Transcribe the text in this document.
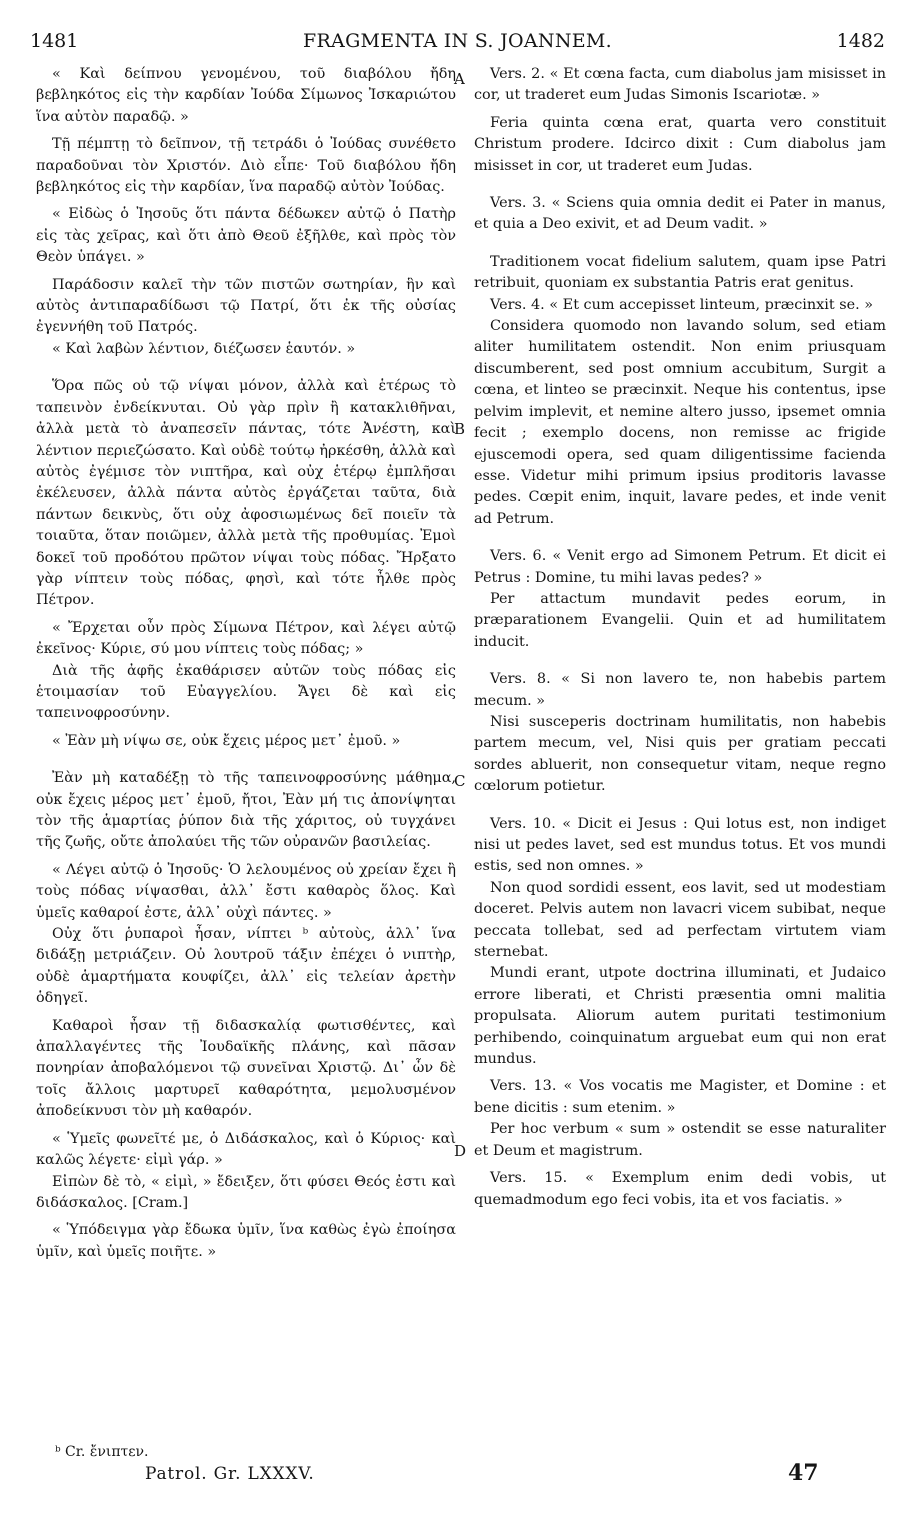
1481	FRAGMENTA IN S. JOANNEM.	1482
A
B
C
D

« Καὶ δείπνου γενομένου, τοῦ διαβόλου ἤδη βεβληκότος εἰς τὴν καρδίαν Ἰούδα Σίμωνος Ἰσκαριώτου ἵνα αὐτὸν παραδῷ. »

Τῇ πέμπτῃ τὸ δεῖπνον, τῇ τετράδι ὁ Ἰούδας συνέθετο παραδοῦναι τὸν Χριστόν. Διὸ εἶπε· Τοῦ διαβόλου ἤδη βεβληκότος εἰς τὴν καρδίαν, ἵνα παραδῷ αὐτὸν Ἰούδας.

« Εἰδὼς ὁ Ἰησοῦς ὅτι πάντα δέδωκεν αὐτῷ ὁ Πατὴρ εἰς τὰς χεῖρας, καὶ ὅτι ἀπὸ Θεοῦ ἐξῆλθε, καὶ πρὸς τὸν Θεὸν ὑπάγει. »

Παράδοσιν καλεῖ τὴν τῶν πιστῶν σωτηρίαν, ἣν καὶ αὐτὸς ἀντιπαραδίδωσι τῷ Πατρί, ὅτι ἐκ τῆς οὐσίας ἐγεννήθη τοῦ Πατρός.

« Καὶ λαβὼν λέντιον, διέζωσεν ἑαυτόν. »

Ὅρα πῶς οὐ τῷ νίψαι μόνον, ἀλλὰ καὶ ἑτέρως τὸ ταπεινὸν ἐνδείκνυται. Οὐ γὰρ πρὶν ἢ κατακλιθῆναι, ἀλλὰ μετὰ τὸ ἀναπεσεῖν πάντας, τότε Ἀνέστη, καὶ λέντιον περιεζώσατο. Καὶ οὐδὲ τούτῳ ἠρκέσθη, ἀλλὰ καὶ αὐτὸς ἐγέμισε τὸν νιπτῆρα, καὶ οὐχ ἑτέρῳ ἐμπλῆσαι ἐκέλευσεν, ἀλλὰ πάντα αὐτὸς ἐργάζεται ταῦτα, διὰ πάντων δεικνὺς, ὅτι οὐχ ἀφοσιωμένως δεῖ ποιεῖν τὰ τοιαῦτα, ὅταν ποιῶμεν, ἀλλὰ μετὰ τῆς προθυμίας. Ἐμοὶ δοκεῖ τοῦ προδότου πρῶτον νίψαι τοὺς πόδας. Ἤρξατο γὰρ νίπτειν τοὺς πόδας, φησὶ, καὶ τότε ἦλθε πρὸς Πέτρον.

« Ἔρχεται οὖν πρὸς Σίμωνα Πέτρον, καὶ λέγει αὐτῷ ἐκεῖνος· Κύριε, σύ μου νίπτεις τοὺς πόδας; »

Διὰ τῆς ἀφῆς ἐκαθάρισεν αὐτῶν τοὺς πόδας εἰς ἑτοιμασίαν τοῦ Εὐαγγελίου. Ἄγει δὲ καὶ εἰς ταπεινοφροσύνην.

« Ἐὰν μὴ νίψω σε, οὐκ ἔχεις μέρος μετ᾽ ἐμοῦ. »

Ἐὰν μὴ καταδέξῃ τὸ τῆς ταπεινοφροσύνης μάθημα, οὐκ ἔχεις μέρος μετ᾽ ἐμοῦ, ἤτοι, Ἐὰν μή τις ἀπονίψηται τὸν τῆς ἁμαρτίας ῥύπον διὰ τῆς χάριτος, οὐ τυγχάνει τῆς ζωῆς, οὔτε ἀπολαύει τῆς τῶν οὐρανῶν βασιλείας.

« Λέγει αὐτῷ ὁ Ἰησοῦς· Ὁ λελουμένος οὐ χρείαν ἔχει ἢ τοὺς πόδας νίψασθαι, ἀλλ᾽ ἔστι καθαρὸς ὅλος. Καὶ ὑμεῖς καθαροί ἐστε, ἀλλ᾽ οὐχὶ πάντες. »

Οὐχ ὅτι ῥυπαροὶ ἦσαν, νίπτει ᵇ αὐτοὺς, ἀλλ᾽ ἵνα διδάξῃ μετριάζειν. Οὐ λουτροῦ τάξιν ἐπέχει ὁ νιπτὴρ, οὐδὲ ἁμαρτήματα κουφίζει, ἀλλ᾽ εἰς τελείαν ἀρετὴν ὁδηγεῖ.

Καθαροὶ ἦσαν τῇ διδασκαλίᾳ φωτισθέντες, καὶ ἀπαλλαγέντες τῆς Ἰουδαϊκῆς πλάνης, καὶ πᾶσαν πονηρίαν ἀποβαλόμενοι τῷ συνεῖναι Χριστῷ. Δι᾽ ὧν δὲ τοῖς ἄλλοις μαρτυρεῖ καθαρότητα, μεμολυσμένον ἀποδείκνυσι τὸν μὴ καθαρόν.

« Ὑμεῖς φωνεῖτέ με, ὁ Διδάσκαλος, καὶ ὁ Κύριος· καὶ καλῶς λέγετε· εἰμὶ γάρ. »

Εἰπὼν δὲ τὸ, « εἰμὶ, » ἔδειξεν, ὅτι φύσει Θεός ἐστι καὶ διδάσκαλος. [Cram.]

« Ὑπόδειγμα γὰρ ἔδωκα ὑμῖν, ἵνα καθὼς ἐγὼ ἐποίησα ὑμῖν, καὶ ὑμεῖς ποιῆτε. »

Vers. 2. « Et cœna facta, cum diabolus jam misisset in cor, ut traderet eum Judas Simonis Iscariotæ. »

Feria quinta cœna erat, quarta vero constituit Christum prodere. Idcirco dixit : Cum diabolus jam misisset in cor, ut traderet eum Judas.

Vers. 3. « Sciens quia omnia dedit ei Pater in manus, et quia a Deo exivit, et ad Deum vadit. »

Traditionem vocat fidelium salutem, quam ipse Patri retribuit, quoniam ex substantia Patris erat genitus.

Vers. 4. « Et cum accepisset linteum, præcinxit se. »

Considera quomodo non lavando solum, sed etiam aliter humilitatem ostendit. Non enim priusquam discumberent, sed post omnium accubitum, Surgit a cœna, et linteo se præcinxit. Neque his contentus, ipse pelvim implevit, et nemine altero jusso, ipsemet omnia fecit ; exemplo docens, non remisse ac frigide ejuscemodi opera, sed quam diligentissime facienda esse. Videtur mihi primum ipsius proditoris lavasse pedes. Cœpit enim, inquit, lavare pedes, et inde venit ad Petrum.

Vers. 6. « Venit ergo ad Simonem Petrum. Et dicit ei Petrus : Domine, tu mihi lavas pedes? »

Per attactum mundavit pedes eorum, in præparationem Evangelii. Quin et ad humilitatem inducit.

Vers. 8. « Si non lavero te, non habebis partem mecum. »

Nisi susceperis doctrinam humilitatis, non habebis partem mecum, vel, Nisi quis per gratiam peccati sordes abluerit, non consequetur vitam, neque regno cœlorum potietur.

Vers. 10. « Dicit ei Jesus : Qui lotus est, non indiget nisi ut pedes lavet, sed est mundus totus. Et vos mundi estis, sed non omnes. »

Non quod sordidi essent, eos lavit, sed ut modestiam doceret. Pelvis autem non lavacri vicem subibat, neque peccata tollebat, sed ad perfectam virtutem viam sternebat.

Mundi erant, utpote doctrina illuminati, et Judaico errore liberati, et Christi præsentia omni malitia propulsata. Aliorum autem puritati testimonium perhibendo, coinquinatum arguebat eum qui non erat mundus.

Vers. 13. « Vos vocatis me Magister, et Domine : et bene dicitis : sum etenim. »

Per hoc verbum « sum » ostendit se esse naturaliter et Deum et magistrum.

Vers. 15. « Exemplum enim dedi vobis, ut quemadmodum ego feci vobis, ita et vos faciatis. »

ᵇ Cr. ἔνιπτεν.
Patrol. Gr. LXXXV.	47
